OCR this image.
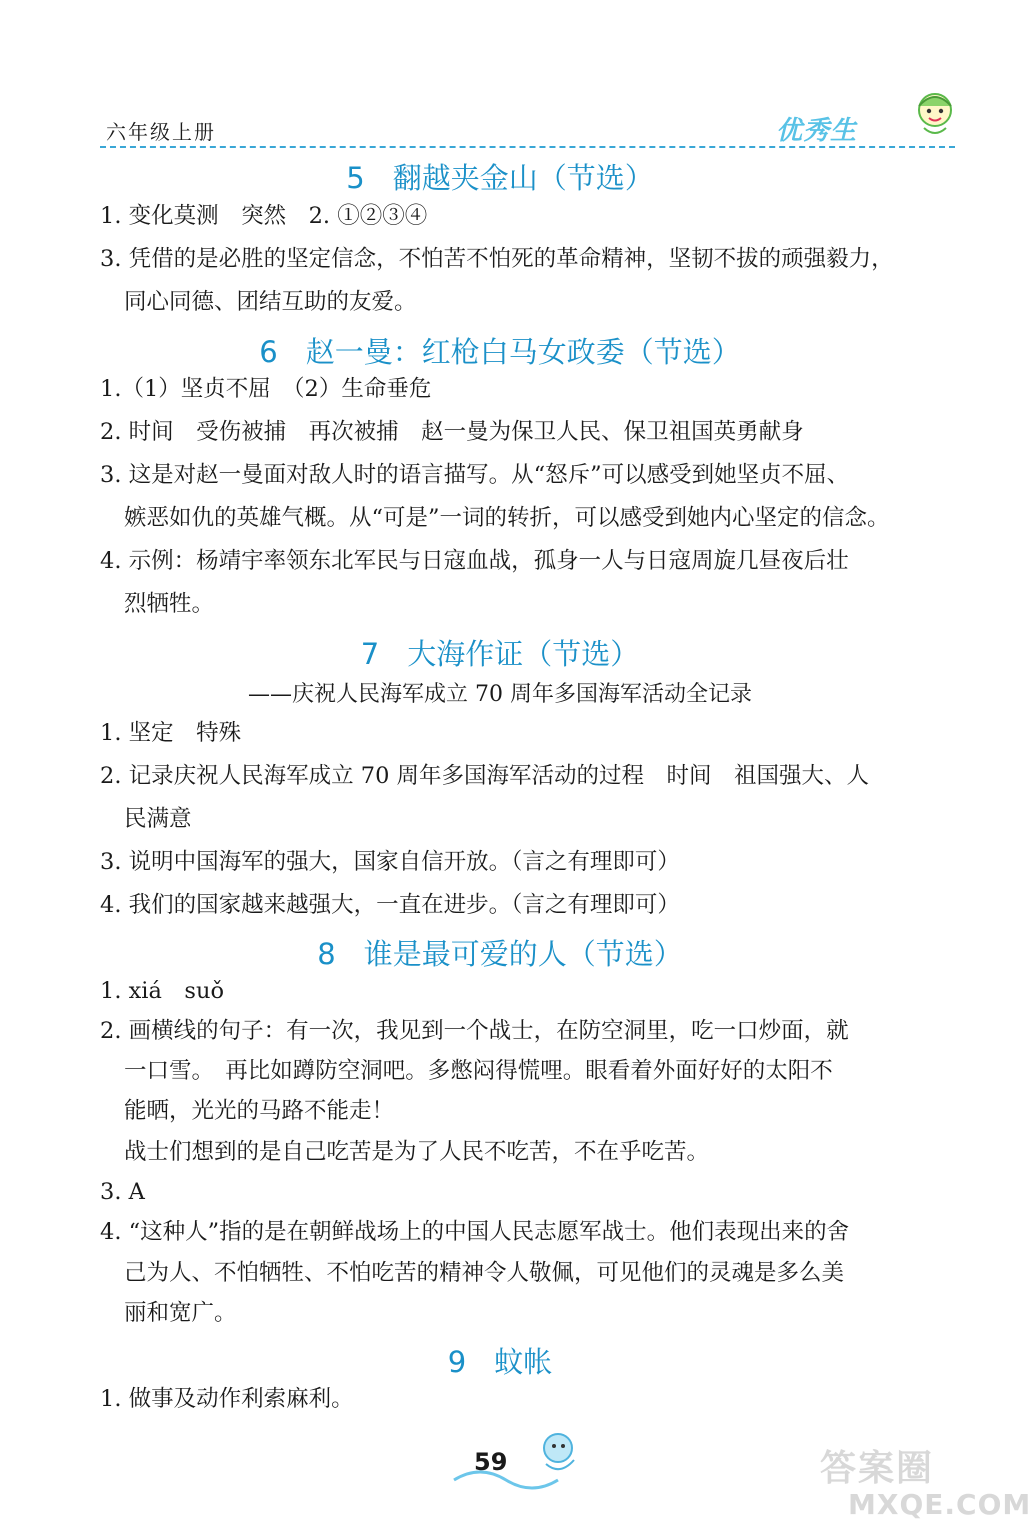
六年级上册	优秀生
5 翻越夹金山（节选）
1. 变化莫测　突然　2. ①②③④
3. 凭借的是必胜的坚定信念，不怕苦不怕死的革命精神，坚韧不拔的顽强毅力，
同心同德、团结互助的友爱。
6 赵一曼：红枪白马女政委（节选）
1.（1）坚贞不屈　（2）生命垂危
2. 时间　受伤被捕　再次被捕　赵一曼为保卫人民、保卫祖国英勇献身
3. 这是对赵一曼面对敌人时的语言描写。从“怒斥”可以感受到她坚贞不屈、
嫉恶如仇的英雄气概。从“可是”一词的转折，可以感受到她内心坚定的信念。
4. 示例：杨靖宇率领东北军民与日寇血战，孤身一人与日寇周旋几昼夜后壮
烈牺牲。
7 大海作证（节选）
——庆祝人民海军成立 70 周年多国海军活动全记录
1. 坚定　特殊
2. 记录庆祝人民海军成立 70 周年多国海军活动的过程　时间　祖国强大、人
民满意
3. 说明中国海军的强大，国家自信开放。（言之有理即可）
4. 我们的国家越来越强大，一直在进步。（言之有理即可）
8 谁是最可爱的人（节选）
1. xiá　suǒ
2. 画横线的句子：有一次，我见到一个战士，在防空洞里，吃一口炒面，就
一口雪。　再比如蹲防空洞吧。多憋闷得慌哩。眼看着外面好好的太阳不
能晒，光光的马路不能走！
战士们想到的是自己吃苦是为了人民不吃苦，不在乎吃苦。
3. A
4. “这种人”指的是在朝鲜战场上的中国人民志愿军战士。他们表现出来的舍
己为人、不怕牺牲、不怕吃苦的精神令人敬佩，可见他们的灵魂是多么美
丽和宽广。
9 蚊帐
1. 做事及动作利索麻利。
59	答案圈
MXQE.COM
